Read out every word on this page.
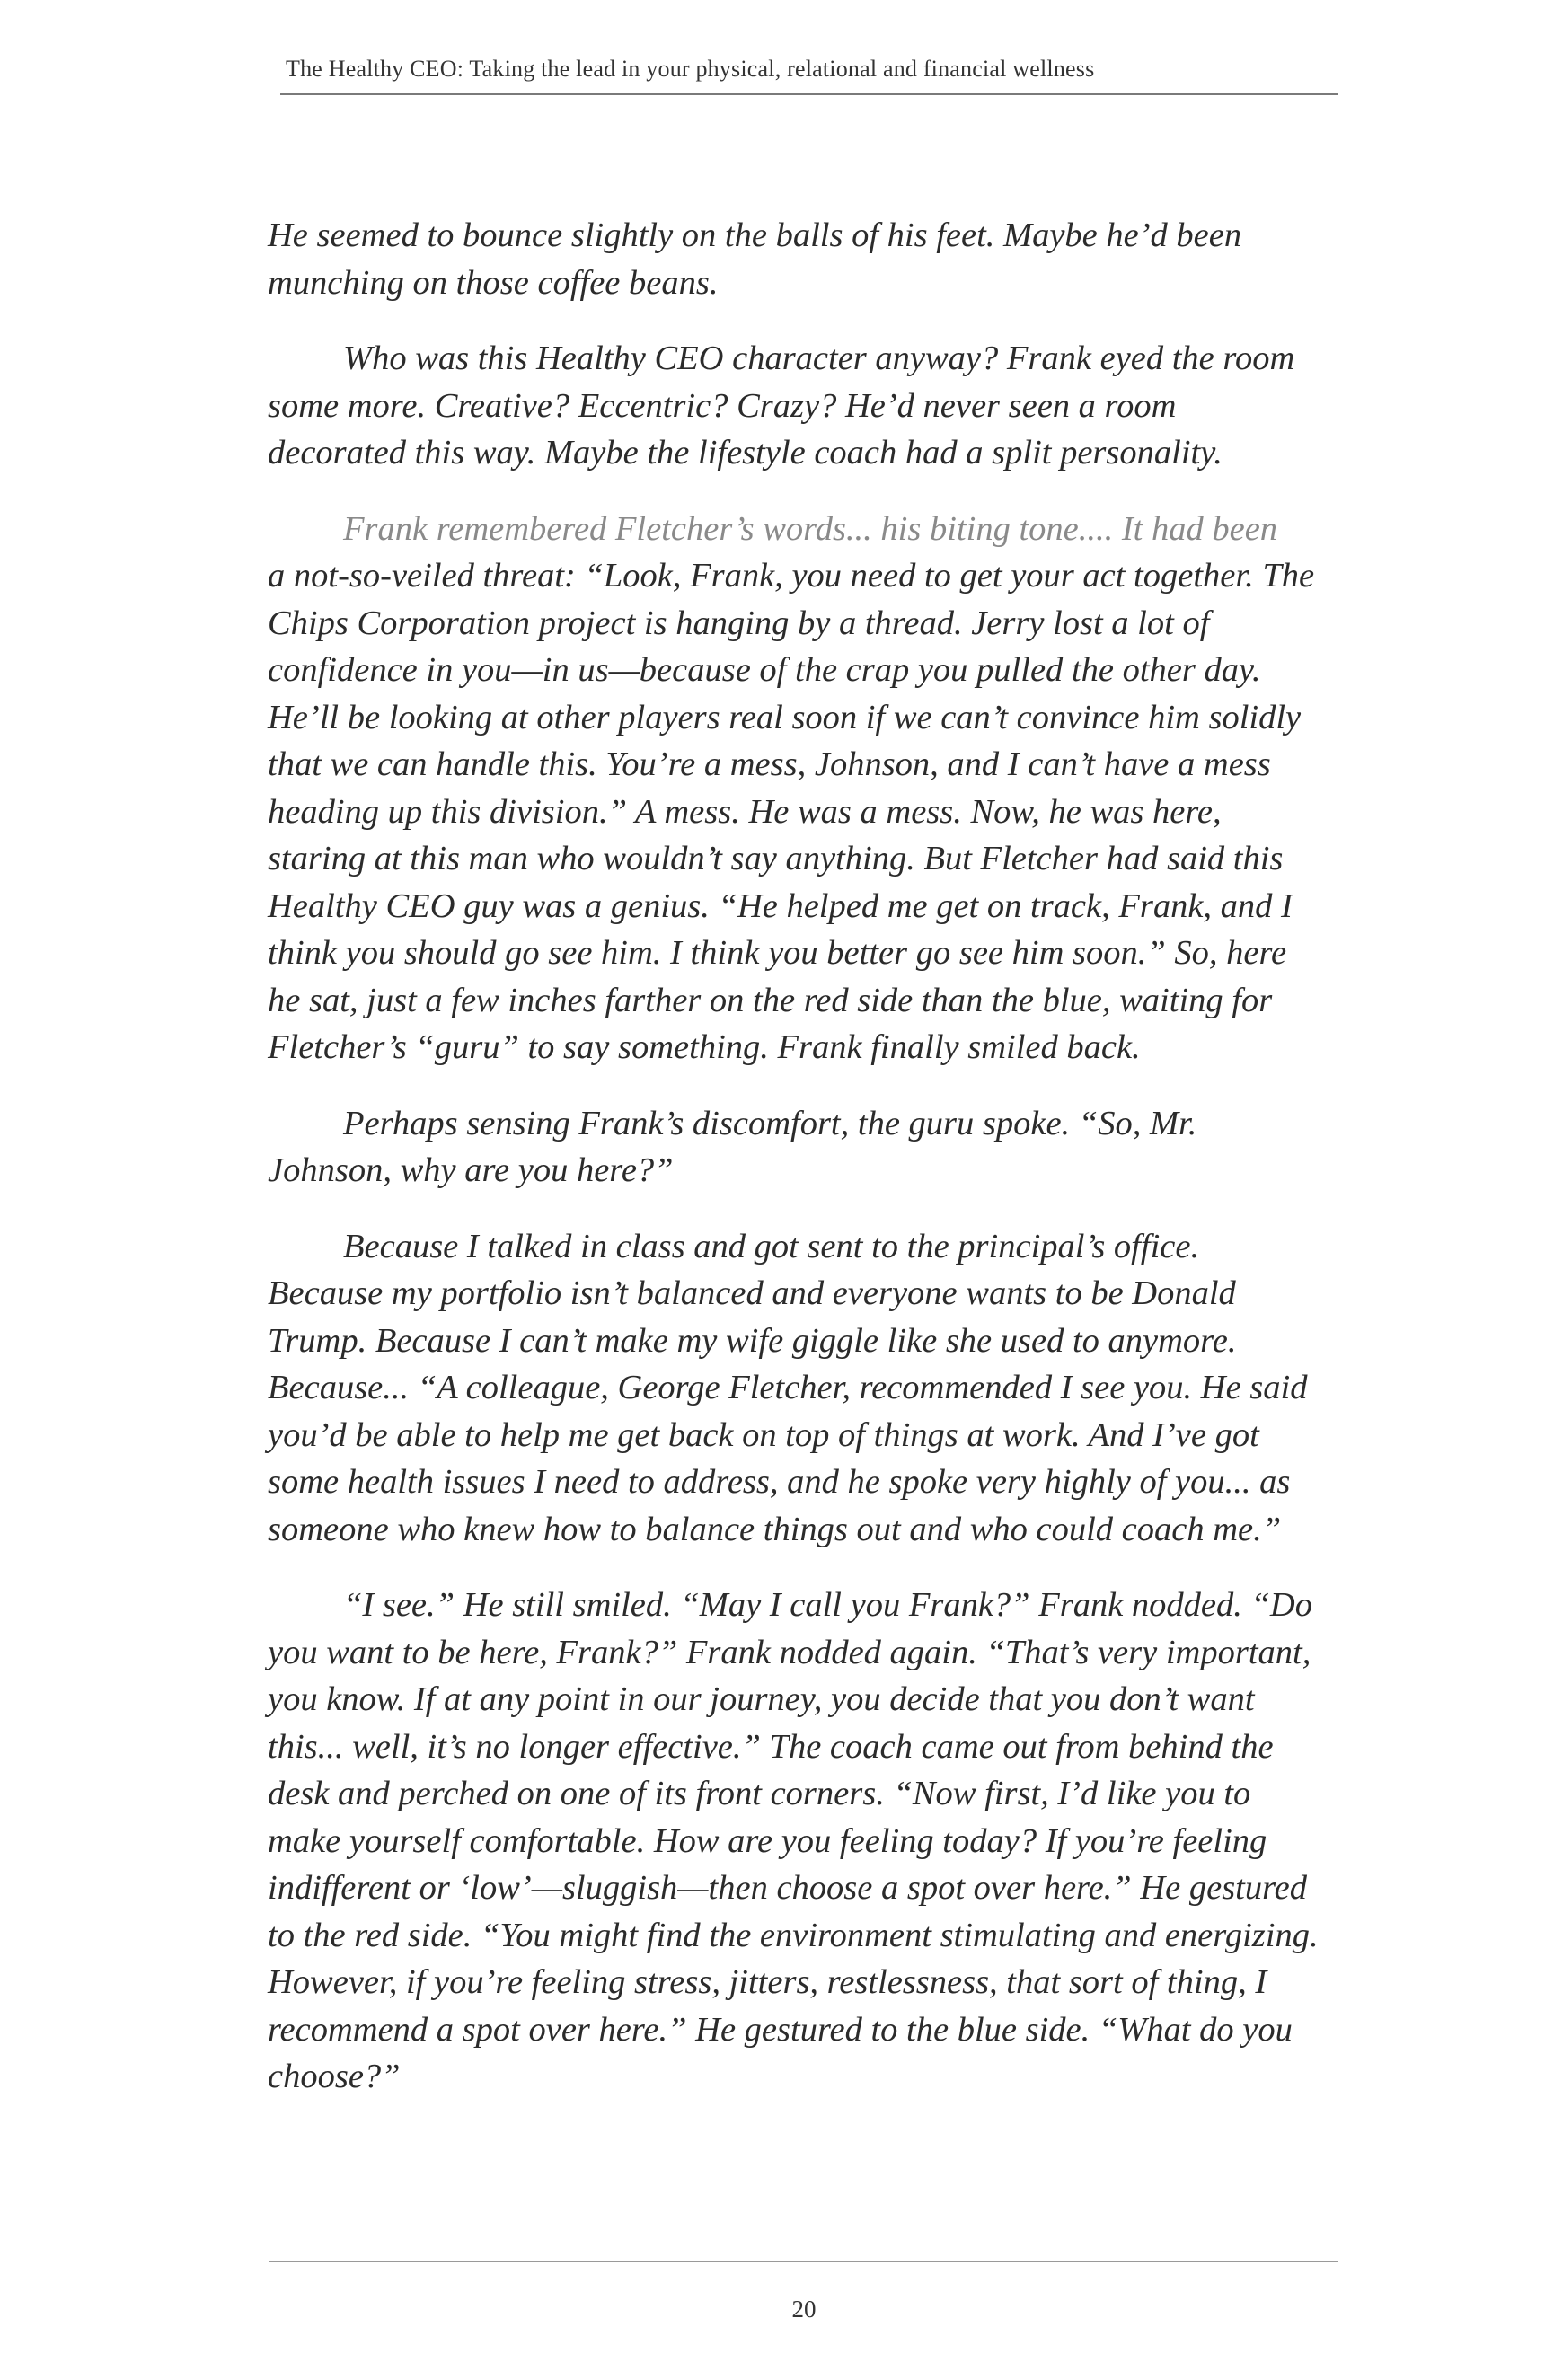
The Healthy CEO: Taking the lead in your physical, relational and financial wellness

He seemed to bounce slightly on the balls of his feet. Maybe he’d been munching on those coffee beans.

Who was this Healthy CEO character anyway? Frank eyed the room some more. Creative? Eccentric? Crazy? He’d never seen a room decorated this way. Maybe the lifestyle coach had a split personality.

Frank remembered Fletcher’s words... his biting tone.... It had been

a not-so-veiled threat: “Look, Frank, you need to get your act together. The Chips Corporation project is hanging by a thread. Jerry lost a lot of confidence in you—in us—because of the crap you pulled the other day. He’ll be looking at other players real soon if we can’t convince him solidly that we can handle this. You’re a mess, Johnson, and I can’t have a mess heading up this division.” A mess. He was a mess. Now, he was here, staring at this man who wouldn’t say anything. But Fletcher had said this Healthy CEO guy was a genius. “He helped me get on track, Frank, and I think you should go see him. I think you better go see him soon.” So, here he sat, just a few inches farther on the red side than the blue, waiting for Fletcher’s “guru” to say something. Frank finally smiled back.

Perhaps sensing Frank’s discomfort, the guru spoke. “So, Mr. Johnson, why are you here?”

Because I talked in class and got sent to the principal’s office. Because my portfolio isn’t balanced and everyone wants to be Donald Trump. Because I can’t make my wife giggle like she used to anymore. Because... “A colleague, George Fletcher, recommended I see you. He said you’d be able to help me get back on top of things at work. And I’ve got some health issues I need to address, and he spoke very highly of you... as someone who knew how to balance things out and who could coach me.”

“I see.” He still smiled. “May I call you Frank?” Frank nodded. “Do you want to be here, Frank?” Frank nodded again. “That’s very important, you know. If at any point in our journey, you decide that you don’t want this... well, it’s no longer effective.” The coach came out from behind the desk and perched on one of its front corners. “Now first, I’d like you to make yourself comfortable. How are you feeling today? If you’re feeling indifferent or ‘low’—sluggish—then choose a spot over here.” He gestured to the red side. “You might find the environment stimulating and energizing. However, if you’re feeling stress, jitters, restlessness, that sort of thing, I recommend a spot over here.” He gestured to the blue side. “What do you choose?”

20
